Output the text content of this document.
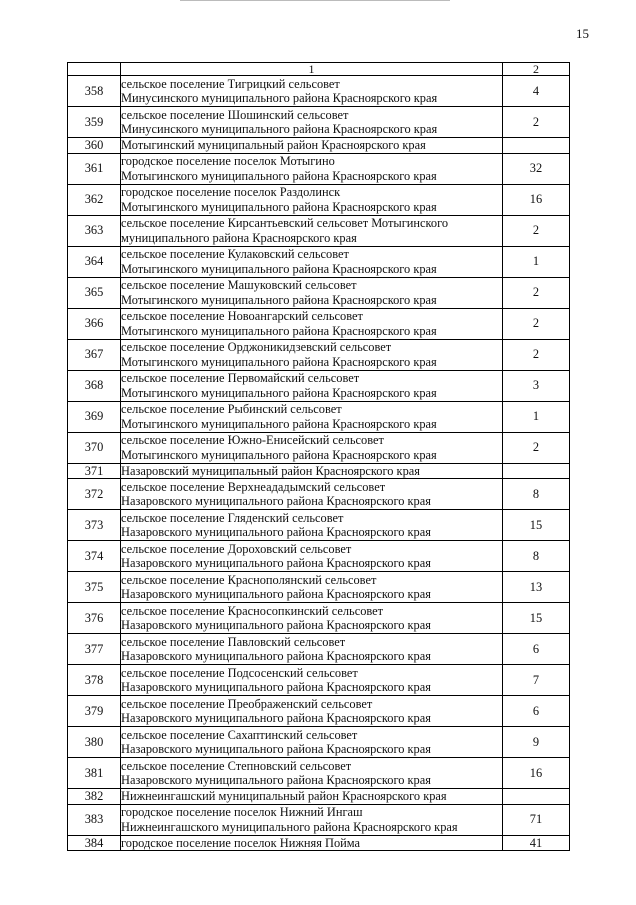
15
	1	2
358	сельское поселение Тигрицкий сельсовет
Минусинского муниципального района Красноярского края	4
359	сельское поселение Шошинский сельсовет
Минусинского муниципального района Красноярского края	2
360	Мотыгинский муниципальный район Красноярского края	

361	городское поселение поселок Мотыгино
Мотыгинского муниципального района Красноярского края	32
362	городское поселение поселок Раздолинск
Мотыгинского муниципального района Красноярского края	16
363	сельское поселение Кирсантьевский сельсовет Мотыгинского
муниципального района Красноярского края	2
364	сельское поселение Кулаковский сельсовет
Мотыгинского муниципального района Красноярского края	1
365	сельское поселение Машуковский сельсовет
Мотыгинского муниципального района Красноярского края	2
366	сельское поселение Новоангарский сельсовет
Мотыгинского муниципального района Красноярского края	2
367	сельское поселение Орджоникидзевский сельсовет
Мотыгинского муниципального района Красноярского края	2
368	сельское поселение Первомайский сельсовет
Мотыгинского муниципального района Красноярского края	3
369	сельское поселение Рыбинский сельсовет
Мотыгинского муниципального района Красноярского края	1
370	сельское поселение Южно-Енисейский сельсовет
Мотыгинского муниципального района Красноярского края	2
371	Назаровский муниципальный район Красноярского края	

372	сельское поселение Верхнеададымский сельсовет
Назаровского муниципального района Красноярского края	8
373	сельское поселение Гляденский сельсовет
Назаровского муниципального района Красноярского края	15
374	сельское поселение Дороховский сельсовет
Назаровского муниципального района Красноярского края	8
375	сельское поселение Краснополянский сельсовет
Назаровского муниципального района Красноярского края	13
376	сельское поселение Красносопкинский сельсовет
Назаровского муниципального района Красноярского края	15
377	сельское поселение Павловский сельсовет
Назаровского муниципального района Красноярского края	6
378	сельское поселение Подсосенский сельсовет
Назаровского муниципального района Красноярского края	7
379	сельское поселение Преображенский сельсовет
Назаровского муниципального района Красноярского края	6
380	сельское поселение Сахаптинский сельсовет
Назаровского муниципального района Красноярского края	9
381	сельское поселение Степновский сельсовет
Назаровского муниципального района Красноярского края	16
382	Нижнеингашский муниципальный район Красноярского края	

383	городское поселение поселок Нижний Ингаш
Нижнеингашского муниципального района Красноярского края	71
384	городское поселение поселок Нижняя Пойма	41
